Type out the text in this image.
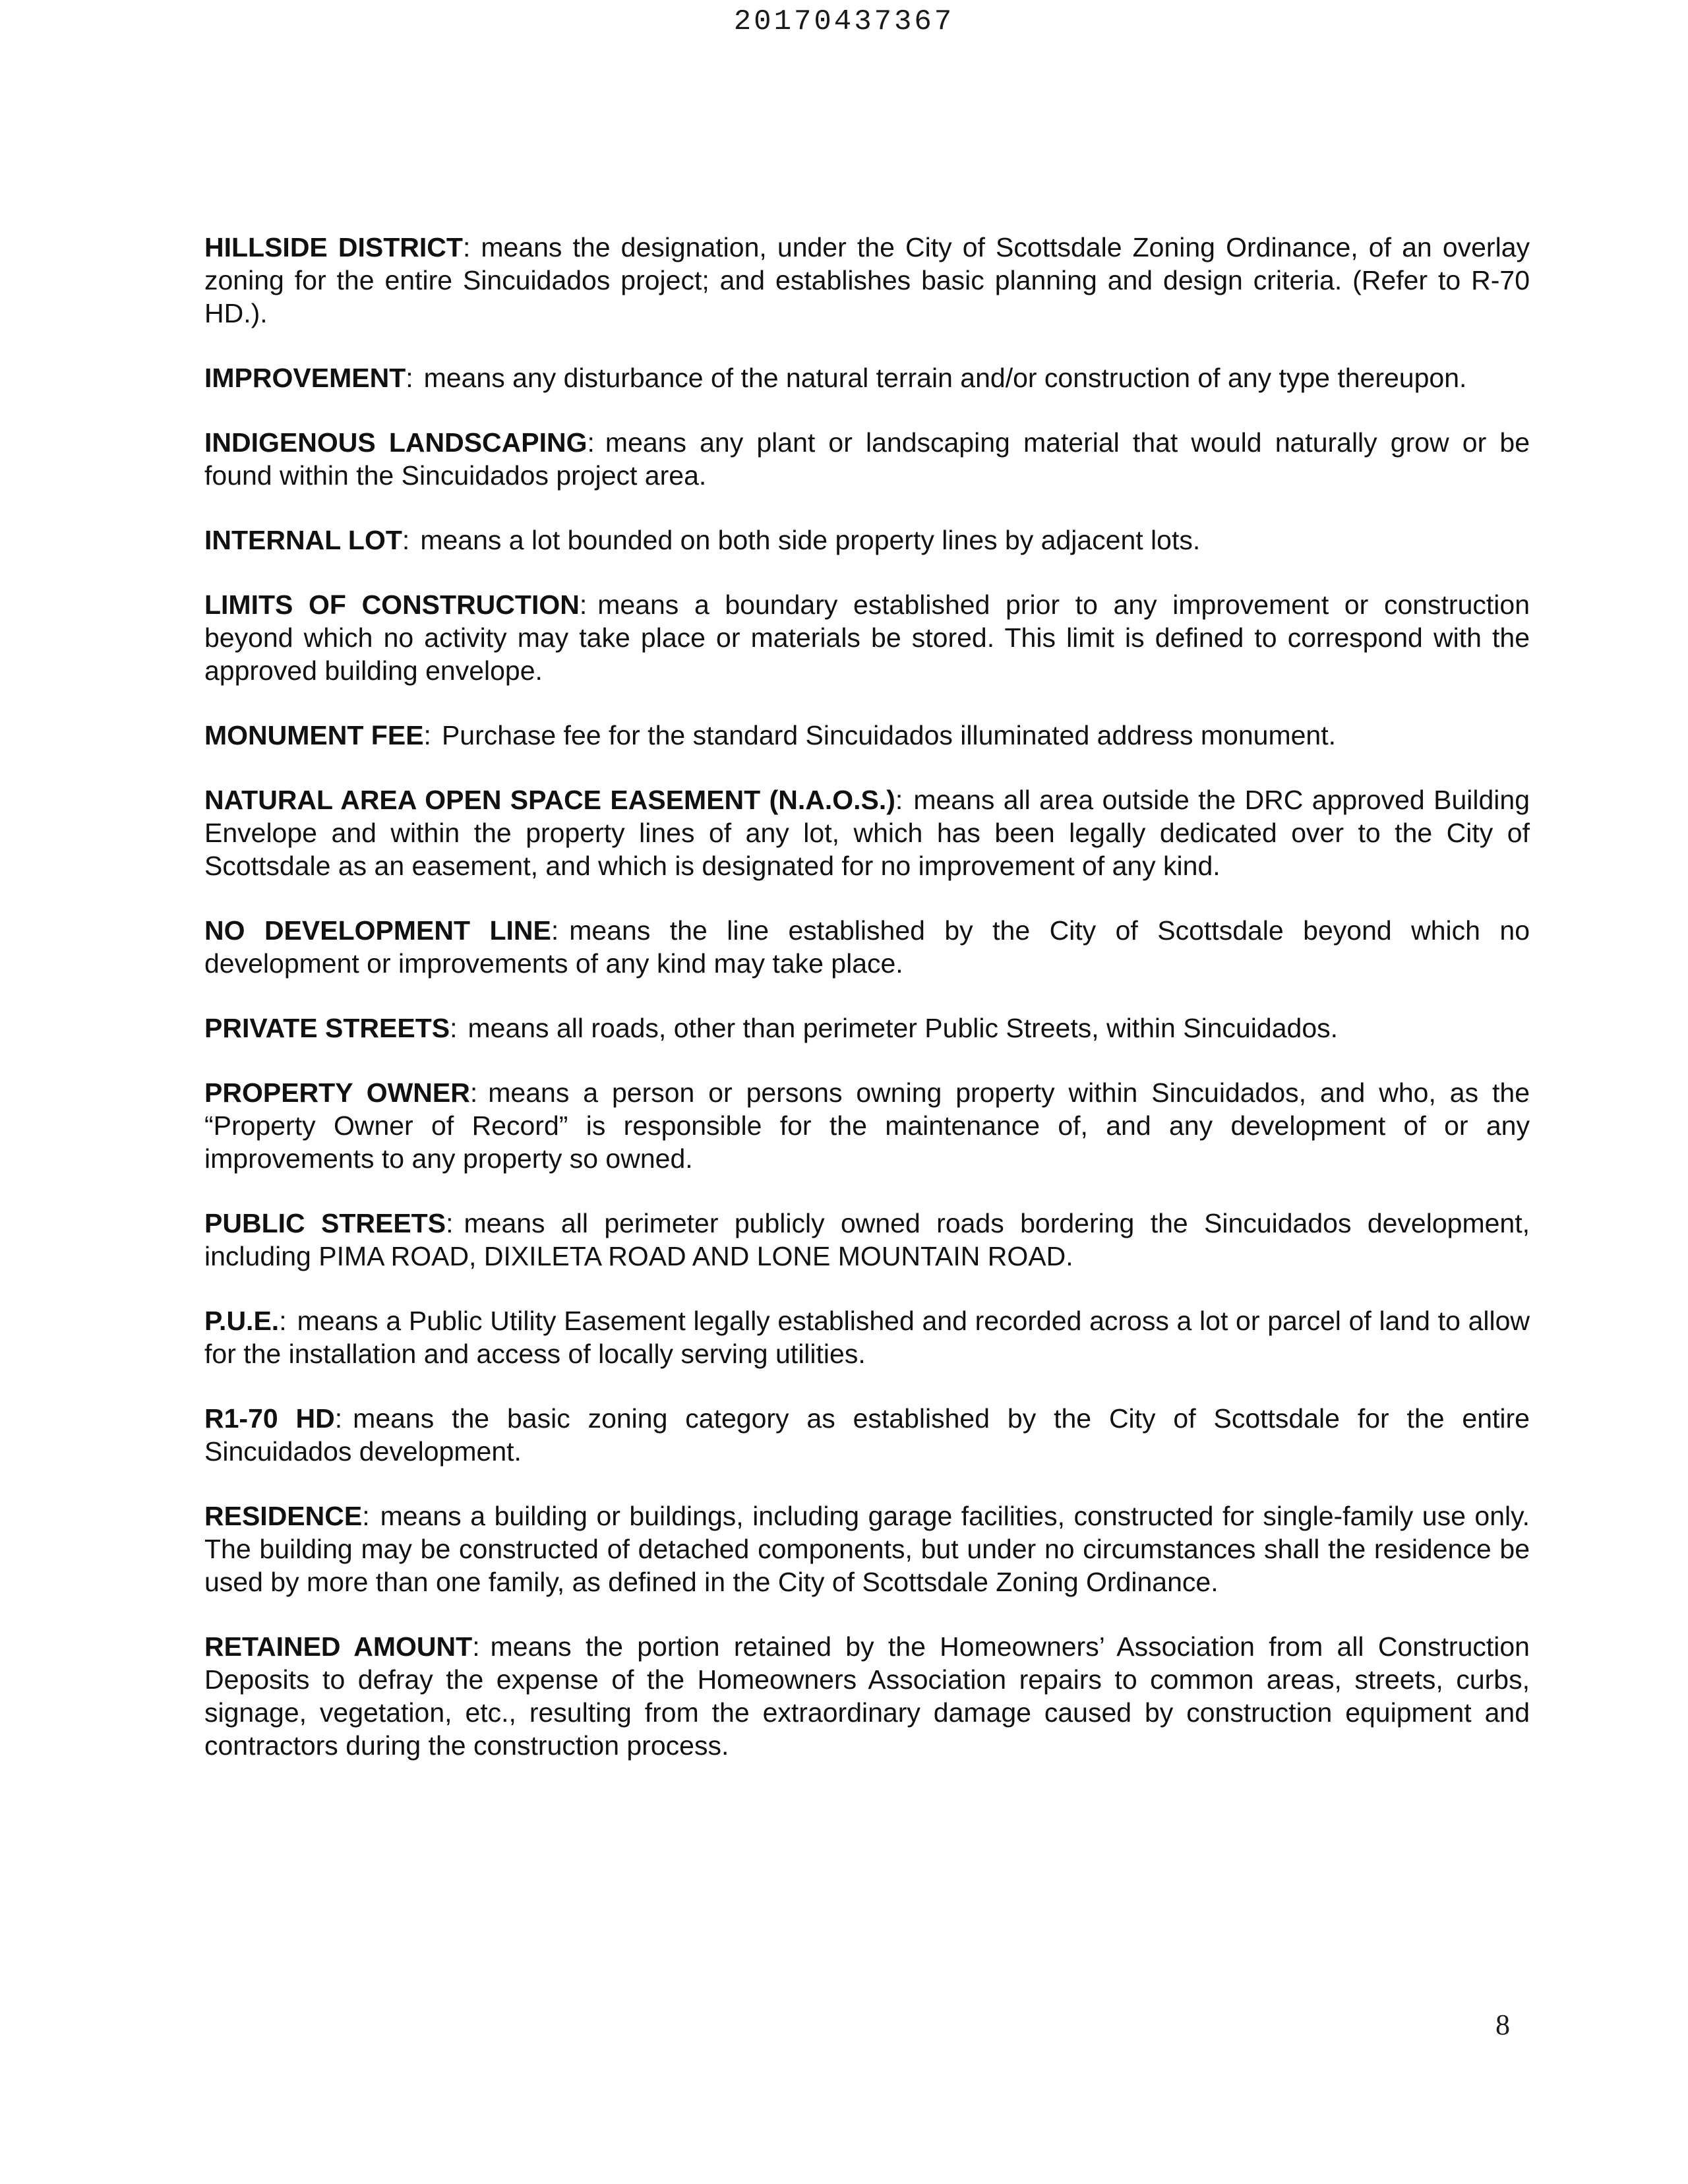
20170437367

HILLSIDE DISTRICT: means the designation, under the City of Scottsdale Zoning Ordinance, of an overlay zoning for the entire Sincuidados project; and establishes basic planning and design criteria. (Refer to R-70 HD.).

IMPROVEMENT: means any disturbance of the natural terrain and/or construction of any type thereupon.

INDIGENOUS LANDSCAPING: means any plant or landscaping material that would naturally grow or be found within the Sincuidados project area.

INTERNAL LOT: means a lot bounded on both side property lines by adjacent lots.

LIMITS OF CONSTRUCTION: means a boundary established prior to any improvement or construction beyond which no activity may take place or materials be stored. This limit is defined to correspond with the approved building envelope.

MONUMENT FEE: Purchase fee for the standard Sincuidados illuminated address monument.

NATURAL AREA OPEN SPACE EASEMENT (N.A.O.S.): means all area outside the DRC approved Building Envelope and within the property lines of any lot, which has been legally dedicated over to the City of Scottsdale as an easement, and which is designated for no improvement of any kind.

NO DEVELOPMENT LINE: means the line established by the City of Scottsdale beyond which no development or improvements of any kind may take place.

PRIVATE STREETS: means all roads, other than perimeter Public Streets, within Sincuidados.

PROPERTY OWNER: means a person or persons owning property within Sincuidados, and who, as the “Property Owner of Record” is responsible for the maintenance of, and any development of or any improvements to any property so owned.

PUBLIC STREETS: means all perimeter publicly owned roads bordering the Sincuidados development, including PIMA ROAD, DIXILETA ROAD AND LONE MOUNTAIN ROAD.

P.U.E.: means a Public Utility Easement legally established and recorded across a lot or parcel of land to allow for the installation and access of locally serving utilities.

R1-70 HD: means the basic zoning category as established by the City of Scottsdale for the entire Sincuidados development.

RESIDENCE: means a building or buildings, including garage facilities, constructed for single-family use only. The building may be constructed of detached components, but under no circumstances shall the residence be used by more than one family, as defined in the City of Scottsdale Zoning Ordinance.

RETAINED AMOUNT: means the portion retained by the Homeowners’ Association from all Construction Deposits to defray the expense of the Homeowners Association repairs to common areas, streets, curbs, signage, vegetation, etc., resulting from the extraordinary damage caused by construction equipment and contractors during the construction process.

8
